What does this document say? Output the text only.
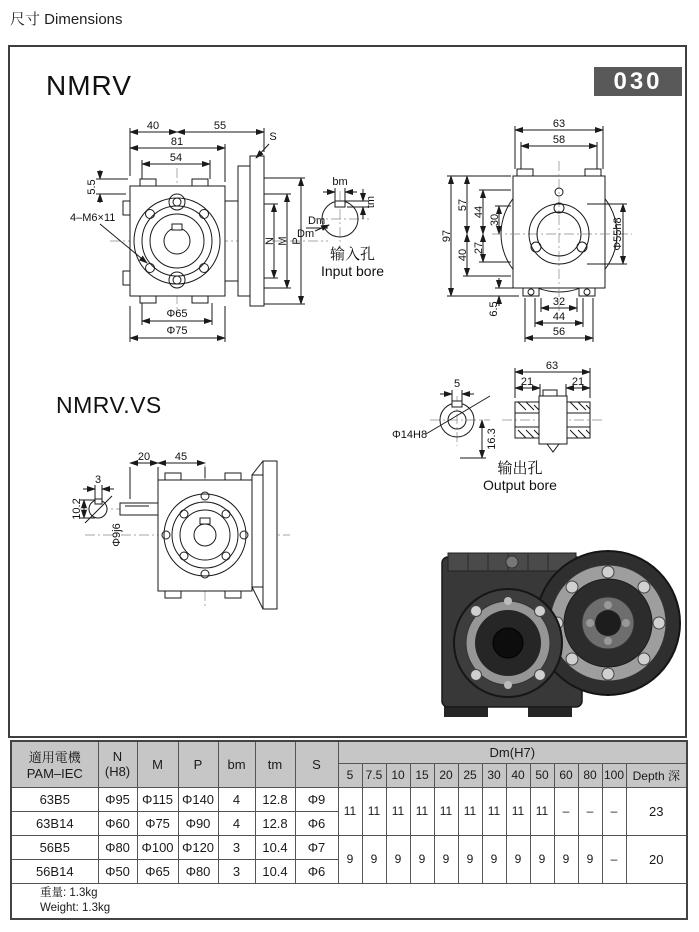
尺寸 Dimensions
NMRV	030
40	55
81
54
5.5
S
N M P
Dm
4–M6×11
Φ65
Φ75
bm
tm
Dm
输入孔
Input bore
63
58
97
57
44
30
40
27
6.5
Φ55h8
32
44
56
NMRV.VS
20 45
3
10.2
Φ9j6
5
Φ14H8	16.3
63
21	21
输出孔
Output bore
適用電機
PAM–IEC

N
(H8)	M	P	bm	tm	S	Dm(H7)
							5	7.5	10	15	20	25	30	40	50	60	80	100	Depth 深
63B5	Φ95	Φ115	Φ140	4	12.8	Φ9	11	11	11	11	11	11	11	11	11	–	–	–	23
63B14	Φ60	Φ75	Φ90	4	12.8	Φ6													
56B5	Φ80	Φ100	Φ120	3	10.4	Φ7	9	9	9	9	9	9	9	9	9	9	9	–	20
56B14	Φ50	Φ65	Φ80	3	10.4	Φ6													

重量: 1.3kg
Weight: 1.3kg																			
